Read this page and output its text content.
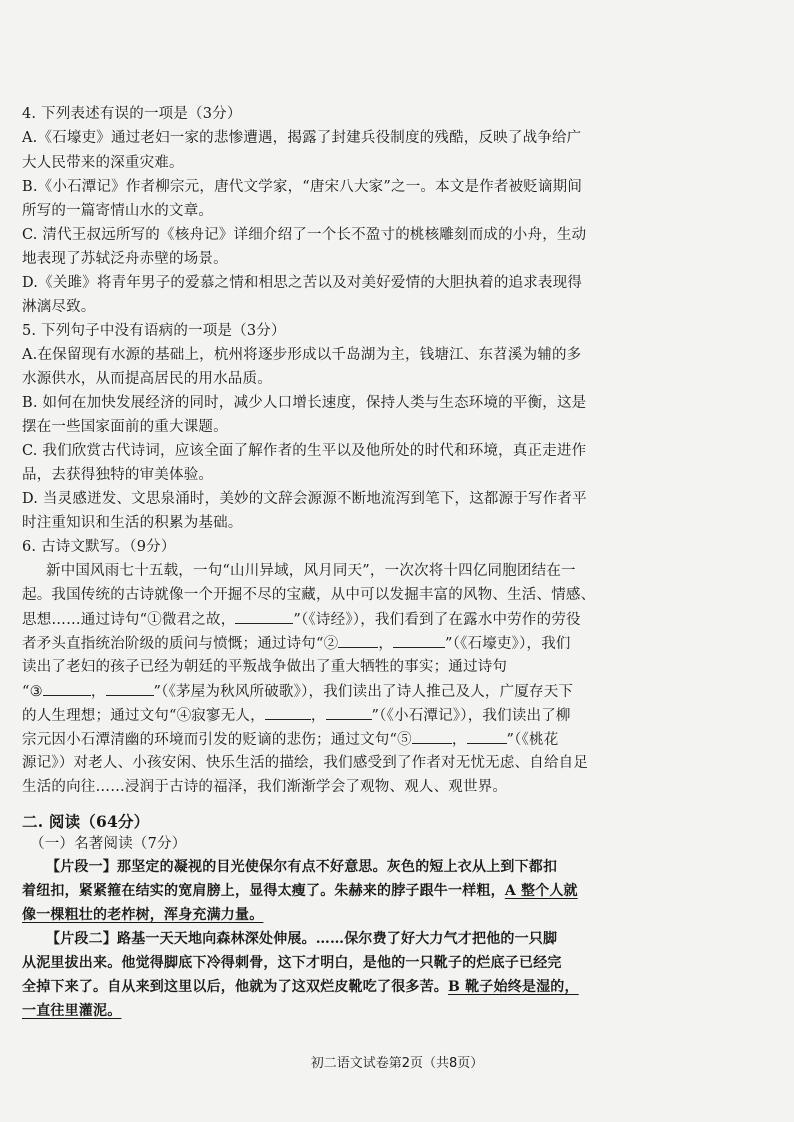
4. 下列表述有误的一项是（3分）
A.《石壕吏》通过老妇一家的悲惨遭遇，揭露了封建兵役制度的残酷，反映了战争给广
大人民带来的深重灾难。
B.《小石潭记》作者柳宗元，唐代文学家，“唐宋八大家”之一。本文是作者被贬谪期间
所写的一篇寄情山水的文章。
C. 清代王叔远所写的《核舟记》详细介绍了一个长不盈寸的桃核雕刻而成的小舟，生动
地表现了苏轼泛舟赤壁的场景。
D.《关雎》将青年男子的爱慕之情和相思之苦以及对美好爱情的大胆执着的追求表现得
淋漓尽致。
5. 下列句子中没有语病的一项是（3分）
A.在保留现有水源的基础上，杭州将逐步形成以千岛湖为主，钱塘江、东苕溪为辅的多
水源供水，从而提高居民的用水品质。
B. 如何在加快发展经济的同时，减少人口增长速度，保持人类与生态环境的平衡，这是
摆在一些国家面前的重大课题。
C. 我们欣赏古代诗词，应该全面了解作者的生平以及他所处的时代和环境，真正走进作
品，去获得独特的审美体验。
D. 当灵感迸发、文思泉涌时，美妙的文辞会源源不断地流泻到笔下，这都源于写作者平
时注重知识和生活的积累为基础。
6. 古诗文默写。（9分）
新中国风雨七十五载，一句“山川异域，风月同天”，一次次将十四亿同胞团结在一
起。我国传统的古诗就像一个开掘不尽的宝藏，从中可以发掘丰富的风物、生活、情感、
思想……通过诗句“①微君之故，	”（《诗经》），我们看到了在露水中劳作的劳役
者矛头直指统治阶级的质问与愤慨；通过诗句“②	，	”（《石壕吏》），我们
读出了老妇的孩子已经为朝廷的平叛战争做出了重大牺牲的事实；通过诗句
“③	，	”（《茅屋为秋风所破歌》），我们读出了诗人推己及人，广厦存天下
的人生理想；通过文句“④寂寥无人，	，	”（《小石潭记》），我们读出了柳
宗元因小石潭清幽的环境而引发的贬谪的悲伤；通过文句“⑤	，	”（《桃花
源记》）对老人、小孩安闲、快乐生活的描绘，我们感受到了作者对无忧无虑、自给自足
生活的向往……浸润于古诗的福泽，我们渐渐学会了观物、观人、观世界。
二. 阅读（64分）
（一）名著阅读（7分）
【片段一】那坚定的凝视的目光使保尔有点不好意思。灰色的短上衣从上到下都扣
着纽扣，紧紧箍在结实的宽肩膀上，显得太瘦了。朱赫来的脖子跟牛一样粗，A 整个人就
像一棵粗壮的老柞树，浑身充满力量。
【片段二】路基一天天地向森林深处伸展。……保尔费了好大力气才把他的一只脚
初二语文试卷第2页（共8页）
从泥里拔出来。他觉得脚底下冷得刺骨，这下才明白，是他的一只靴子的烂底子已经完
全掉下来了。自从来到这里以后，他就为了这双烂皮靴吃了很多苦。B 靴子始终是湿的，
一直往里灌泥。
